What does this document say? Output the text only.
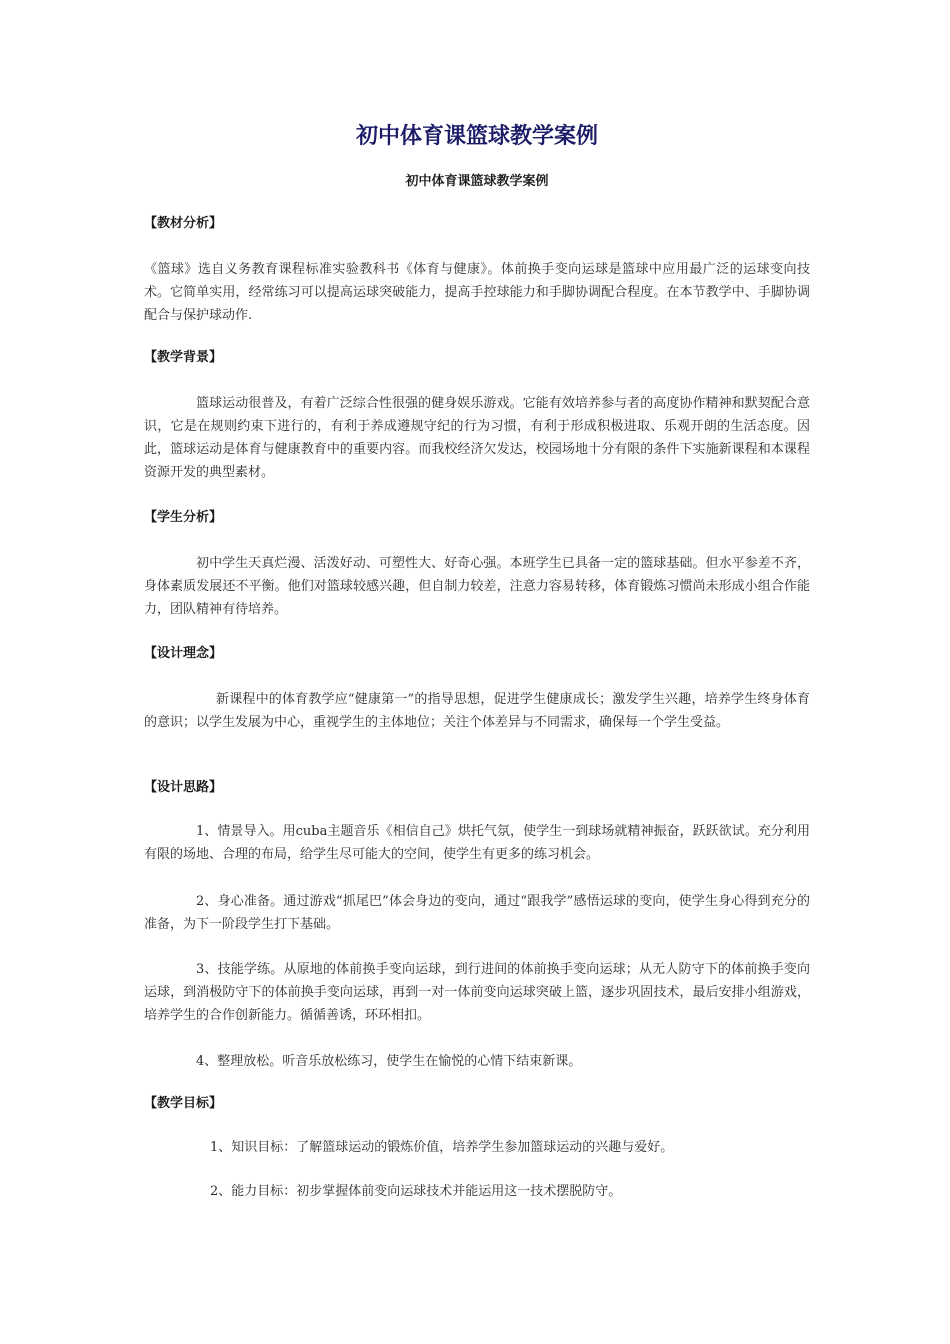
初中体育课篮球教学案例
初中体育课篮球教学案例
【教材分析】

《篮球》选自义务教育课程标准实验教科书《体育与健康》。体前换手变向运球是篮球中应用最广泛的运球变向技术。它简单实用，经常练习可以提高运球突破能力，提高手控球能力和手脚协调配合程度。在本节教学中、手脚协调配合与保护球动作.

【教学背景】

篮球运动很普及，有着广泛综合性很强的健身娱乐游戏。它能有效培养参与者的高度协作精神和默契配合意识，它是在规则约束下进行的，有利于养成遵规守纪的行为习惯，有利于形成积极进取、乐观开朗的生活态度。因此，篮球运动是体育与健康教育中的重要内容。而我校经济欠发达，校园场地十分有限的条件下实施新课程和本课程资源开发的典型素材。

【学生分析】

初中学生天真烂漫、活泼好动、可塑性大、好奇心强。本班学生已具备一定的篮球基础。但水平参差不齐，身体素质发展还不平衡。他们对篮球较感兴趣，但自制力较差，注意力容易转移，体育锻炼习惯尚未形成小组合作能力，团队精神有待培养。

【设计理念】

新课程中的体育教学应“健康第一”的指导思想，促进学生健康成长；激发学生兴趣，培养学生终身体育的意识；以学生发展为中心，重视学生的主体地位；关注个体差异与不同需求，确保每一个学生受益。

【设计思路】

1、情景导入。用cuba主题音乐《相信自己》烘托气氛，使学生一到球场就精神振奋，跃跃欲试。充分利用有限的场地、合理的布局，给学生尽可能大的空间，使学生有更多的练习机会。

2、身心准备。通过游戏“抓尾巴”体会身边的变向，通过“跟我学”感悟运球的变向，使学生身心得到充分的准备，为下一阶段学生打下基础。

3、技能学练。从原地的体前换手变向运球，到行进间的体前换手变向运球；从无人防守下的体前换手变向运球，到消极防守下的体前换手变向运球，再到一对一体前变向运球突破上篮，逐步巩固技术，最后安排小组游戏，培养学生的合作创新能力。循循善诱，环环相扣。

4、整理放松。听音乐放松练习，使学生在愉悦的心情下结束新课。

【教学目标】

1、知识目标：了解篮球运动的锻炼价值，培养学生参加篮球运动的兴趣与爱好。

2、能力目标：初步掌握体前变向运球技术并能运用这一技术摆脱防守。
